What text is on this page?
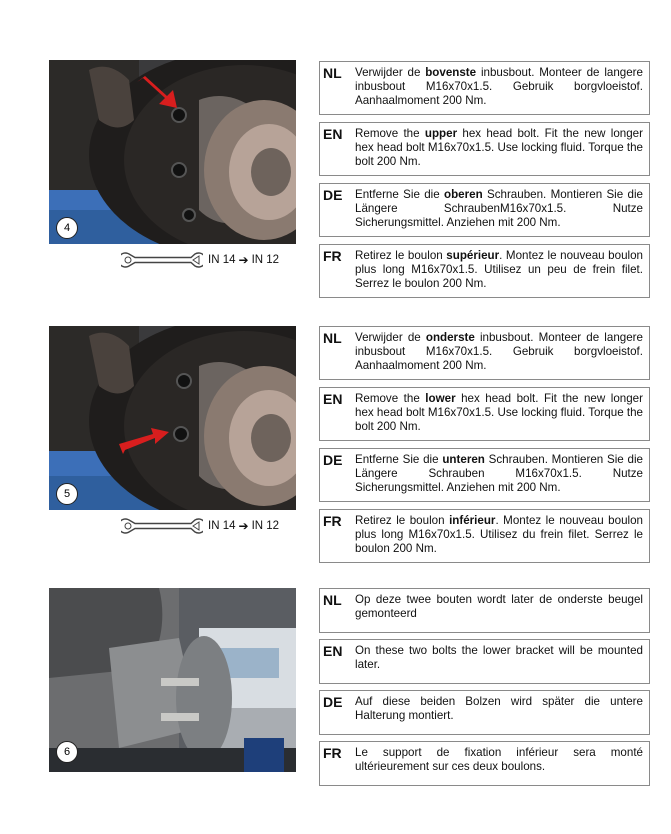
4
IN 14 ➔ IN 12
NL	Verwijder de bovenste inbusbout. Monteer de langere inbusbout M16x70x1.5. Gebruik borgvloeistof. Aanhaalmoment 200 Nm.
EN	Remove the upper hex head bolt. Fit the new longer hex head bolt M16x70x1.5. Use locking fluid. Torque the bolt 200 Nm.
DE	Entferne Sie die oberen Schrauben. Montieren Sie die Längere SchraubenM16x70x1.5. Nutze Sicherungsmittel. Anziehen mit 200 Nm.
FR	Retirez le boulon supérieur. Montez le nouveau boulon plus long M16x70x1.5. Utilisez un peu de frein filet. Serrez le boulon 200 Nm.
5
IN 14 ➔ IN 12
NL	Verwijder de onderste inbusbout. Monteer de langere inbusbout M16x70x1.5. Gebruik borgvloeistof. Aanhaalmoment 200 Nm.
EN	Remove the lower hex head bolt. Fit the new longer hex head bolt M16x70x1.5. Use locking fluid. Torque the bolt 200 Nm.
DE	Entferne Sie die unteren Schrauben. Montieren Sie die Längere Schrauben M16x70x1.5. Nutze Sicherungsmittel. Anziehen mit 200 Nm.
FR	Retirez le boulon inférieur. Montez le nouveau boulon plus long M16x70x1.5. Utilisez du frein filet. Serrez le boulon 200 Nm.
6
NL	Op deze twee bouten wordt later de onderste beugel gemonteerd
EN	On these two bolts the lower bracket will be mounted later.
DE	Auf diese beiden Bolzen wird später die untere Halterung montiert.
FR	Le support de fixation inférieur sera monté ultérieurement sur ces deux boulons.
